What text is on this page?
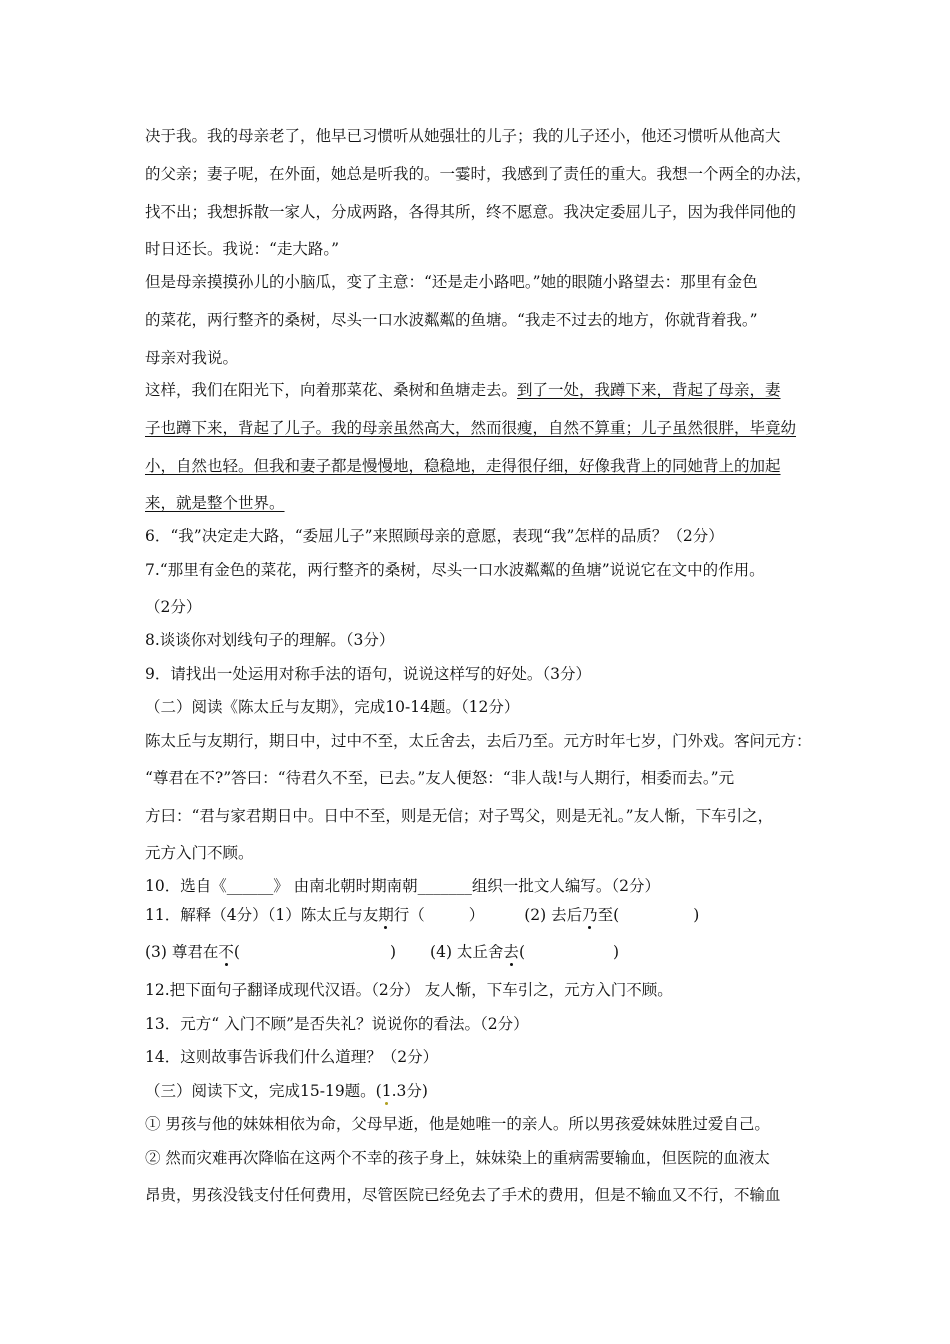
决于我。我的母亲老了，他早已习惯听从她强壮的儿子；我的儿子还小，他还习惯听从他高大
的父亲；妻子呢，在外面，她总是听我的。一霎时，我感到了责任的重大。我想一个两全的办法，
找不出；我想拆散一家人，分成两路，各得其所，终不愿意。我决定委屈儿子，因为我伴同他的
时日还长。我说：“走大路。”
但是母亲摸摸孙儿的小脑瓜，变了主意：“还是走小路吧。”她的眼随小路望去：那里有金色
的菜花，两行整齐的桑树，尽头一口水波粼粼的鱼塘。“我走不过去的地方，你就背着我。”
母亲对我说。
这样，我们在阳光下，向着那菜花、桑树和鱼塘走去。到了一处，我蹲下来，背起了母亲，妻
子也蹲下来，背起了儿子。我的母亲虽然高大，然而很瘦，自然不算重；儿子虽然很胖，毕竟幼
小，自然也轻。但我和妻子都是慢慢地，稳稳地，走得很仔细，好像我背上的同她背上的加起
来，就是整个世界。
6．“我”决定走大路，“委屈儿子”来照顾母亲的意愿，表现“我”怎样的品质？（2分）
7.“那里有金色的菜花，两行整齐的桑树，尽头一口水波粼粼的鱼塘”说说它在文中的作用。
（2分）
8.谈谈你对划线句子的理解。（3分）
9．请找出一处运用对称手法的语句，说说这样写的好处。（3分）
（二）阅读《陈太丘与友期》，完成10-14题。（12分）
陈太丘与友期行，期日中，过中不至，太丘舍去，去后乃至。元方时年七岁，门外戏。客问元方：
“尊君在不?”答曰：“待君久不至，已去。”友人便怒：“非人哉!与人期行，相委而去。”元
方曰：“君与家君期日中。日中不至，则是无信；对子骂父，则是无礼。”友人惭，下车引之，
元方入门不顾。
10．选自《______》 由南北朝时期南朝_______组织一批文人编写。（2分）
11．解释（4分）（1）陈太丘与友期行（	）	(2) 去后乃至(	)
(3) 尊君在不(	) (4) 太丘舍去(	)
12.把下面句子翻译成现代汉语。（2分） 友人惭，下车引之，元方入门不顾。
13．元方“ 入门不顾”是否失礼？说说你的看法。（2分）
14．这则故事告诉我们什么道理？（2分）
（三）阅读下文，完成15-19题。(1.3分)
① 男孩与他的妹妹相依为命，父母早逝，他是她唯一的亲人。所以男孩爱妹妹胜过爱自己。
② 然而灾难再次降临在这两个不幸的孩子身上，妹妹染上的重病需要输血，但医院的血液太
昂贵，男孩没钱支付任何费用，尽管医院已经免去了手术的费用，但是不输血又不行，不输血
